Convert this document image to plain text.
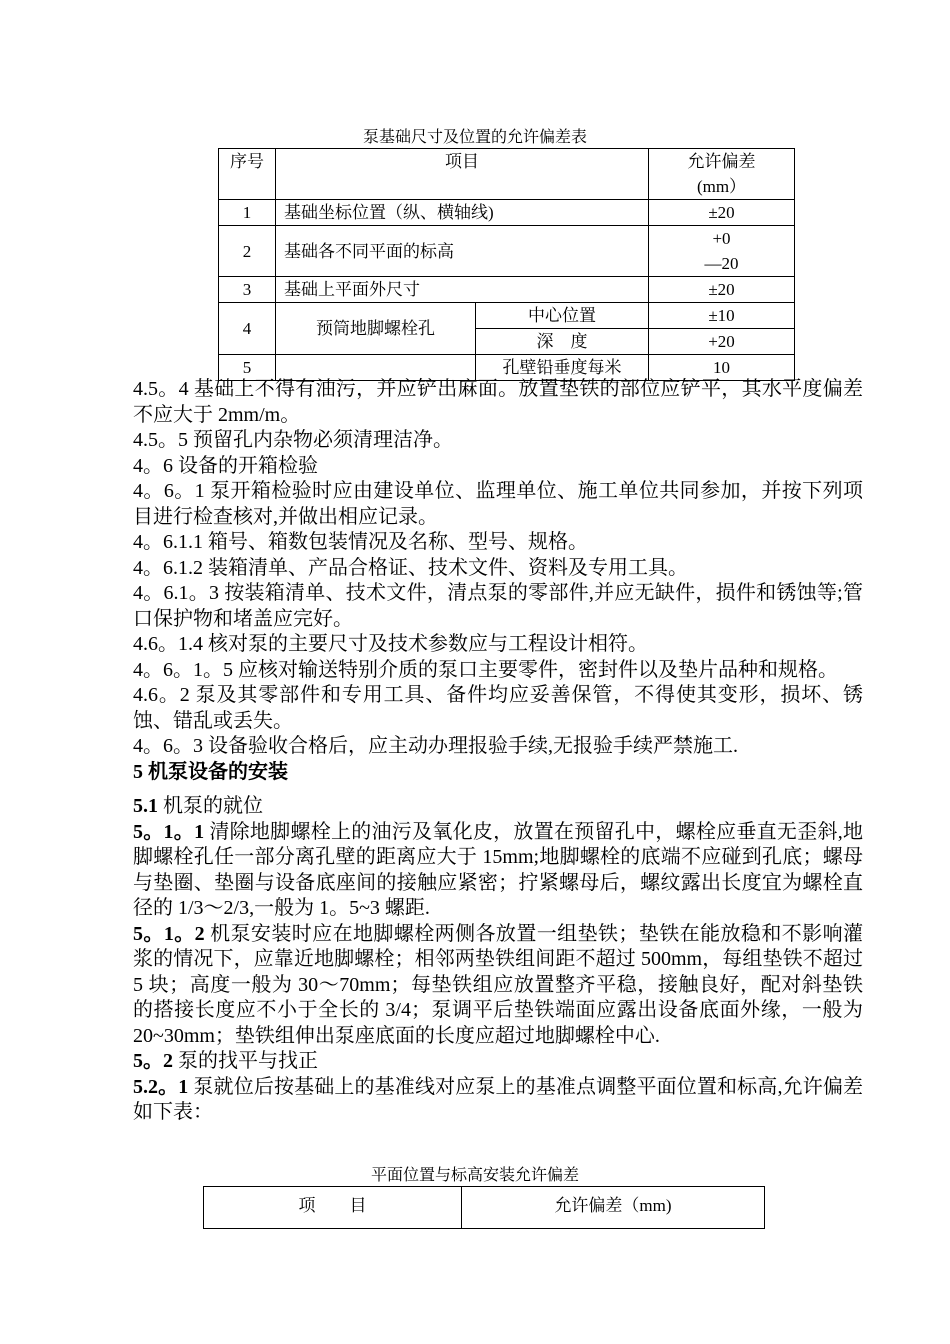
泵基础尺寸及位置的允许偏差表
序号	项目		允许偏差
(mm）

1	基础坐标位置（纵、横轴线)		±20
2	基础各不同平面的标高		+0
—20

3	基础上平面外尺寸		±20
4	预筒地脚螺栓孔	中心位置	±10
		深　度	+20
5		孔壁铅垂度每米	10

4.5。4 基础上不得有油污，并应铲出麻面。放置垫铁的部位应铲平，其水平度偏差不应大于 2mm/m。

4.5。5 预留孔内杂物必须清理洁净。

4。6 设备的开箱检验

4。6。1 泵开箱检验时应由建设单位、监理单位、施工单位共同参加，并按下列项目进行检查核对,并做出相应记录。

4。6.1.1 箱号、箱数包装情况及名称、型号、规格。

4。6.1.2 装箱清单、产品合格证、技术文件、资料及专用工具。

4。6.1。3 按装箱清单、技术文件，清点泵的零部件,并应无缺件，损件和锈蚀等;管口保护物和堵盖应完好。

4.6。1.4 核对泵的主要尺寸及技术参数应与工程设计相符。

4。6。1。5 应核对输送特别介质的泵口主要零件，密封件以及垫片品种和规格。

4.6。2 泵及其零部件和专用工具、备件均应妥善保管，不得使其变形，损坏、锈蚀、错乱或丢失。

4。6。3 设备验收合格后，应主动办理报验手续,无报验手续严禁施工.

5 机泵设备的安装

5.1 机泵的就位

5。1。1 清除地脚螺栓上的油污及氧化皮，放置在预留孔中，螺栓应垂直无歪斜,地脚螺栓孔任一部分离孔壁的距离应大于 15mm;地脚螺栓的底端不应碰到孔底；螺母与垫圈、垫圈与设备底座间的接触应紧密；拧紧螺母后，螺纹露出长度宜为螺栓直径的 1/3～2/3,一般为 1。5~3 螺距.

5。1。2 机泵安装时应在地脚螺栓两侧各放置一组垫铁；垫铁在能放稳和不影响灌浆的情况下，应靠近地脚螺栓；相邻两垫铁组间距不超过 500mm，每组垫铁不超过 5 块；高度一般为 30～70mm；每垫铁组应放置整齐平稳，接触良好，配对斜垫铁的搭接长度应不小于全长的 3/4；泵调平后垫铁端面应露出设备底面外缘，一般为 20~30mm；垫铁组伸出泵座底面的长度应超过地脚螺栓中心.

5。2 泵的找平与找正

5.2。1 泵就位后按基础上的基准线对应泵上的基准点调整平面位置和标高,允许偏差如下表：

平面位置与标高安装允许偏差
项　　目	允许偏差（mm)
